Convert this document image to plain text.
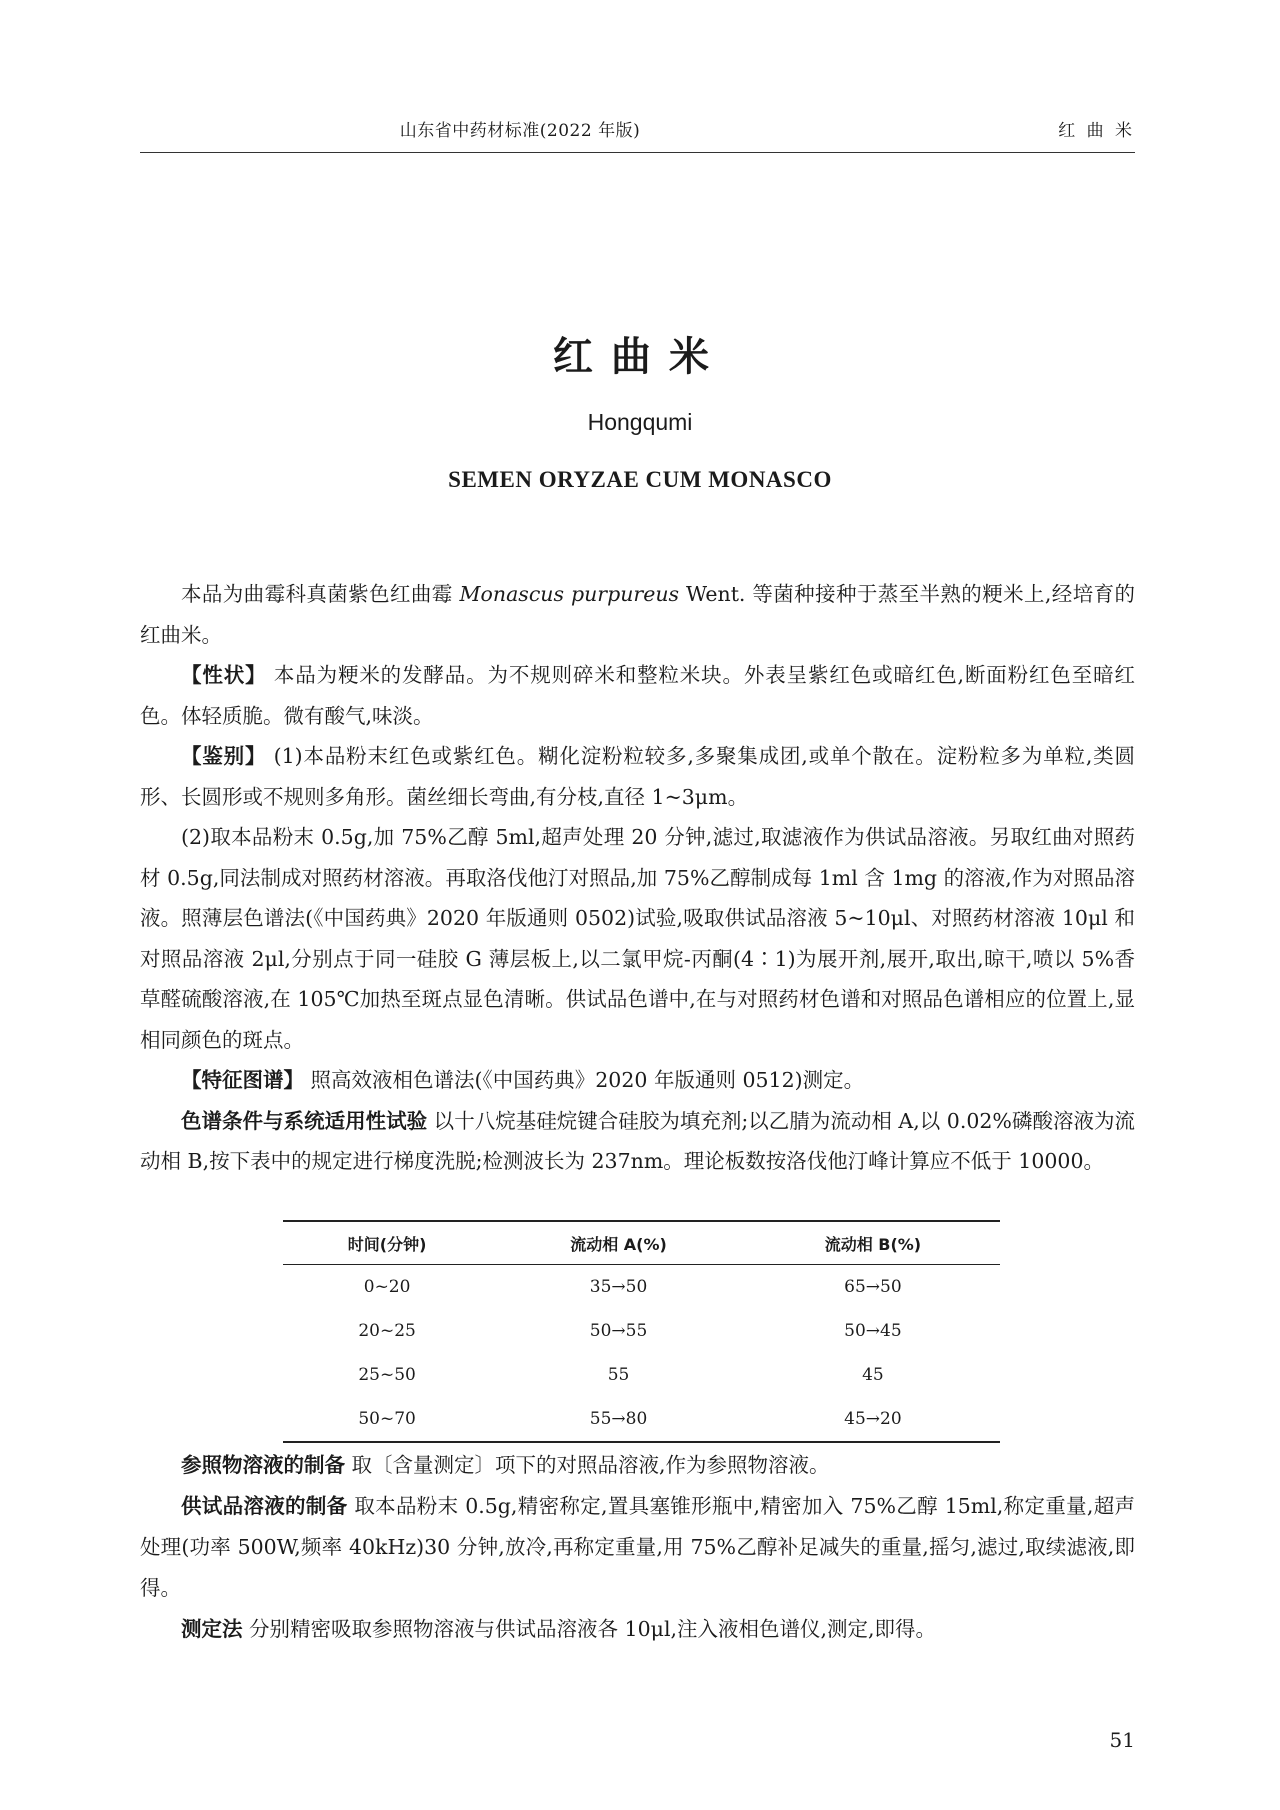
山东省中药材标准(2022 年版)	红 曲 米
红曲米
Hongqumi
SEMEN ORYZAE CUM MONASCO

本品为曲霉科真菌紫色红曲霉 Monascus purpureus Went. 等菌种接种于蒸至半熟的粳米上,经培育的红曲米。

【性状】 本品为粳米的发酵品。为不规则碎米和整粒米块。外表呈紫红色或暗红色,断面粉红色至暗红色。体轻质脆。微有酸气,味淡。

【鉴别】 (1)本品粉末红色或紫红色。糊化淀粉粒较多,多聚集成团,或单个散在。淀粉粒多为单粒,类圆形、长圆形或不规则多角形。菌丝细长弯曲,有分枝,直径 1~3μm。

(2)取本品粉末 0.5g,加 75%乙醇 5ml,超声处理 20 分钟,滤过,取滤液作为供试品溶液。另取红曲对照药材 0.5g,同法制成对照药材溶液。再取洛伐他汀对照品,加 75%乙醇制成每 1ml 含 1mg 的溶液,作为对照品溶液。照薄层色谱法(《中国药典》2020 年版通则 0502)试验,吸取供试品溶液 5~10μl、对照药材溶液 10μl 和对照品溶液 2μl,分别点于同一硅胶 G 薄层板上,以二氯甲烷-丙酮(4∶1)为展开剂,展开,取出,晾干,喷以 5%香草醛硫酸溶液,在 105℃加热至斑点显色清晰。供试品色谱中,在与对照药材色谱和对照品色谱相应的位置上,显相同颜色的斑点。

【特征图谱】 照高效液相色谱法(《中国药典》2020 年版通则 0512)测定。

色谱条件与系统适用性试验 以十八烷基硅烷键合硅胶为填充剂;以乙腈为流动相 A,以 0.02%磷酸溶液为流动相 B,按下表中的规定进行梯度洗脱;检测波长为 237nm。理论板数按洛伐他汀峰计算应不低于 10000。

时间(分钟)	流动相 A(%)	流动相 B(%)
0~20	35→50	65→50
20~25	50→55	50→45
25~50	55	45
50~70	55→80	45→20

参照物溶液的制备 取〔含量测定〕项下的对照品溶液,作为参照物溶液。

供试品溶液的制备 取本品粉末 0.5g,精密称定,置具塞锥形瓶中,精密加入 75%乙醇 15ml,称定重量,超声处理(功率 500W,频率 40kHz)30 分钟,放冷,再称定重量,用 75%乙醇补足减失的重量,摇匀,滤过,取续滤液,即得。

测定法 分别精密吸取参照物溶液与供试品溶液各 10μl,注入液相色谱仪,测定,即得。

51
